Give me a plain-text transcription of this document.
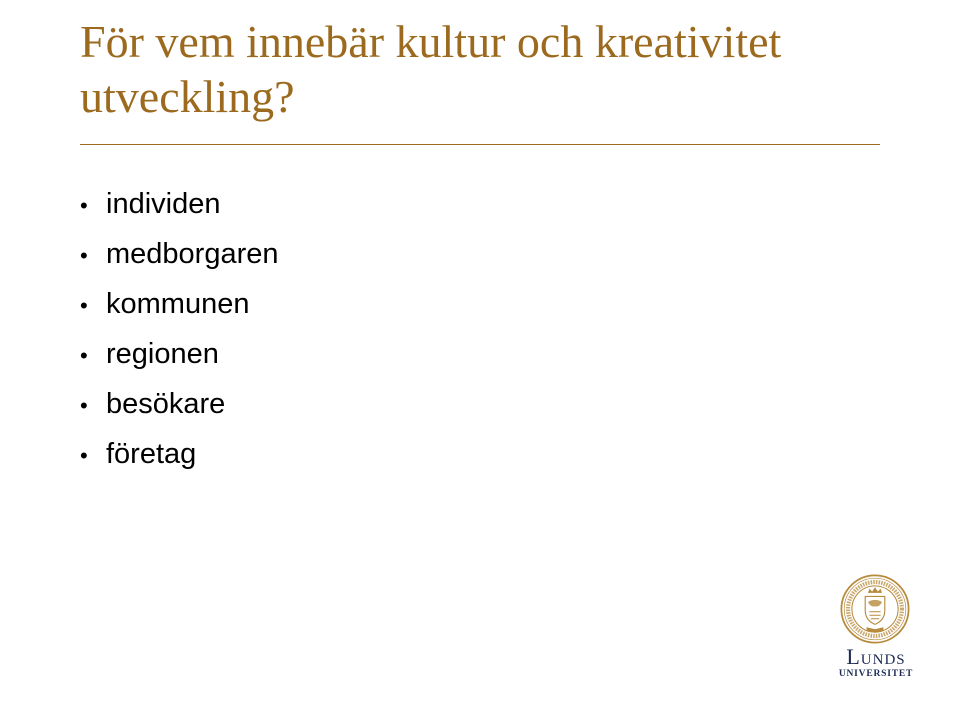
För vem innebär kultur och kreativitet
utveckling?
• individen
• medborgaren
• kommunen
• regionen
• besökare
• företag
Lunds
UNIVERSITET
